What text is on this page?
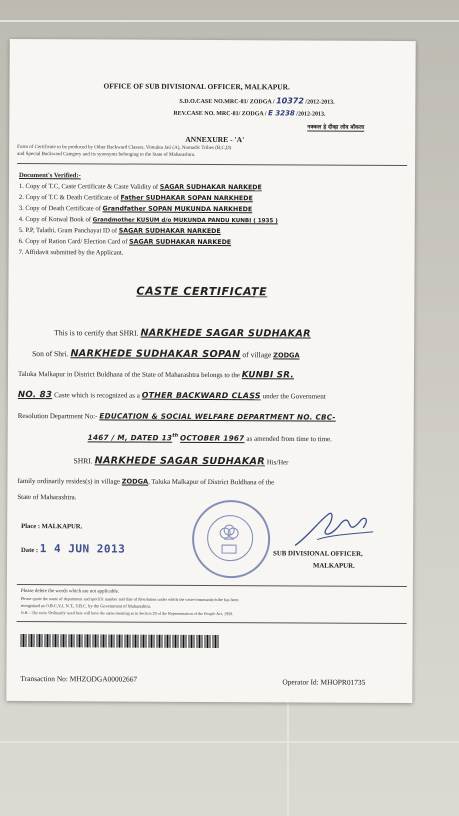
OFFICE OF SUB DIVISIONAL OFFICER, MALKAPUR.
S.D.O.CASE NO.MRC-81/ ZODGA / 10372 /2012-2013.
REV.CASE NO. MRC-81/ ZODGA / E 3238 /2012-2013.
नक्कल हे दीव्हा लोव बॉकला
ANNEXURE - 'A'
Form of Certificate to be produced by Other Backward Classes, Vimukta Jati (A), Nomadic Tribes (B,C,D)
and Special Backward Category and its synonyms belonging to the State of Maharashtra.
Document's Verified:-
1. Copy of T.C, Caste Certificate & Caste Validity of SAGAR SUDHAKAR NARKEDE
2. Copy of T.C & Death Certificate of Father SUDHAKAR SOPAN NARKHEDE
3. Copy of Death Certificate of Grandfather SOPAN MUKUNDA NARKHEDE
4. Copy of Kotwal Book of Grandmother KUSUM d/o MUKUNDA PANDU KUNBI ( 1935 )
5. P.P, Talathi, Gram Panchayat ID of SAGAR SUDHAKAR NARKEDE
6. Copy of Ration Card/ Election Card of SAGAR SUDHAKAR NARKEDE
7. Affidavit submitted by the Applicant.
CASTE CERTIFICATE
This is to certify that SHRI. NARKHEDE SAGAR SUDHAKAR
Son of Shri. NARKHEDE SUDHAKAR SOPAN of village ZODGA
Taluka Malkapur in District Buldhana of the State of Maharashtra belongs to the KUNBI SR.
NO. 83 Caste which is recognized as a OTHER BACKWARD CLASS under the Government
Resolution Department No:- EDUCATION & SOCIAL WELFARE DEPARTMENT NO. CBC-
1467 / M, DATED 13th OCTOBER 1967 as amended from time to time.
SHRI. NARKHEDE SAGAR SUDHAKAR His/Her
family ordinarily resides(s) in village ZODGA, Taluka Malkapur of District Buldhana of the
State of Maharashtra.
Place : MALKAPUR.
Date : 1 4 JUN 2013	SUB DIVISIONAL OFFICER,
MALKAPUR.
Please delete the words which are not applicable.
Please quote the name of department and specific number and date of Resolution under which the caste/community/tribe has been
recognised as O.B.C,V.J, N.T., S.B.C. by the Government of Maharashtra.
N.B. - The term 'Ordinarily' used here will have the same meaning as in Section 20 of the Representation of the People Act, 1950.
Transaction No: MHZODGA00002667	Operator Id: MHOPR01735
